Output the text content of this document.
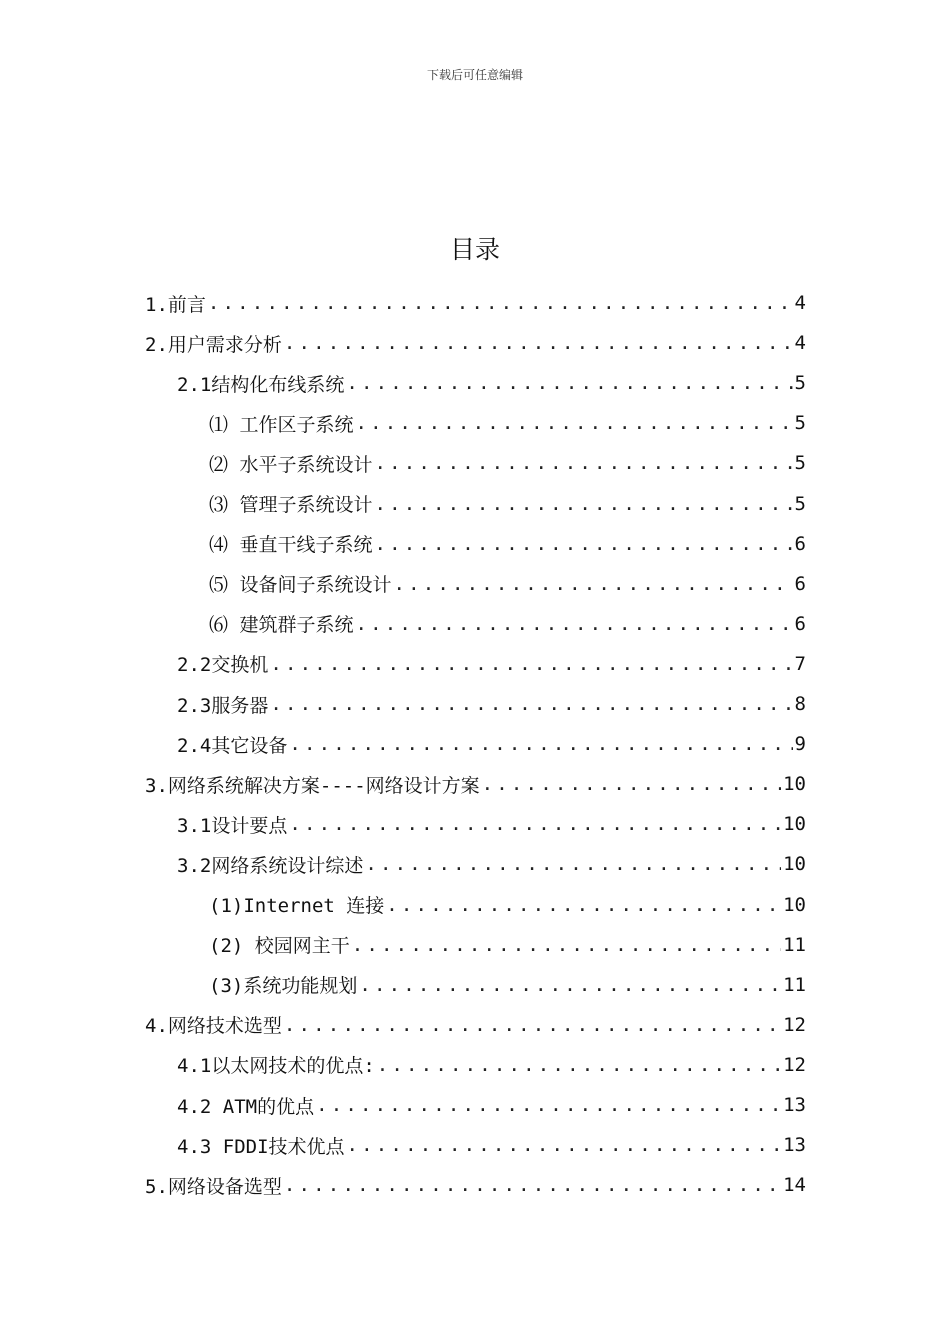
下载后可任意编辑
目录
1.前言 .....	4
2.用户需求分析 .....	4
2.1结构化布线系统 .....	5
⑴ 工作区子系统 .....	5
⑵ 水平子系统设计 .....	5
⑶ 管理子系统设计 .....	5
⑷ 垂直干线子系统 .....	6
⑸ 设备间子系统设计 .....	6
⑹ 建筑群子系统 .....	6
2.2交换机 .....	7
2.3服务器 .....	8
2.4其它设备 .....	9
3.网络系统解决方案----网络设计方案 .....	10
3.1设计要点 .....	10
3.2网络系统设计综述 .....	10
(1)Internet 连接 .....	10
(2) 校园网主干 .....	11
(3)系统功能规划 .....	11
4.网络技术选型 .....	12
4.1以太网技术的优点: .....	12
4.2 ATM的优点 .....	13
4.3 FDDI技术优点 .....	13
5.网络设备选型 .....	14
